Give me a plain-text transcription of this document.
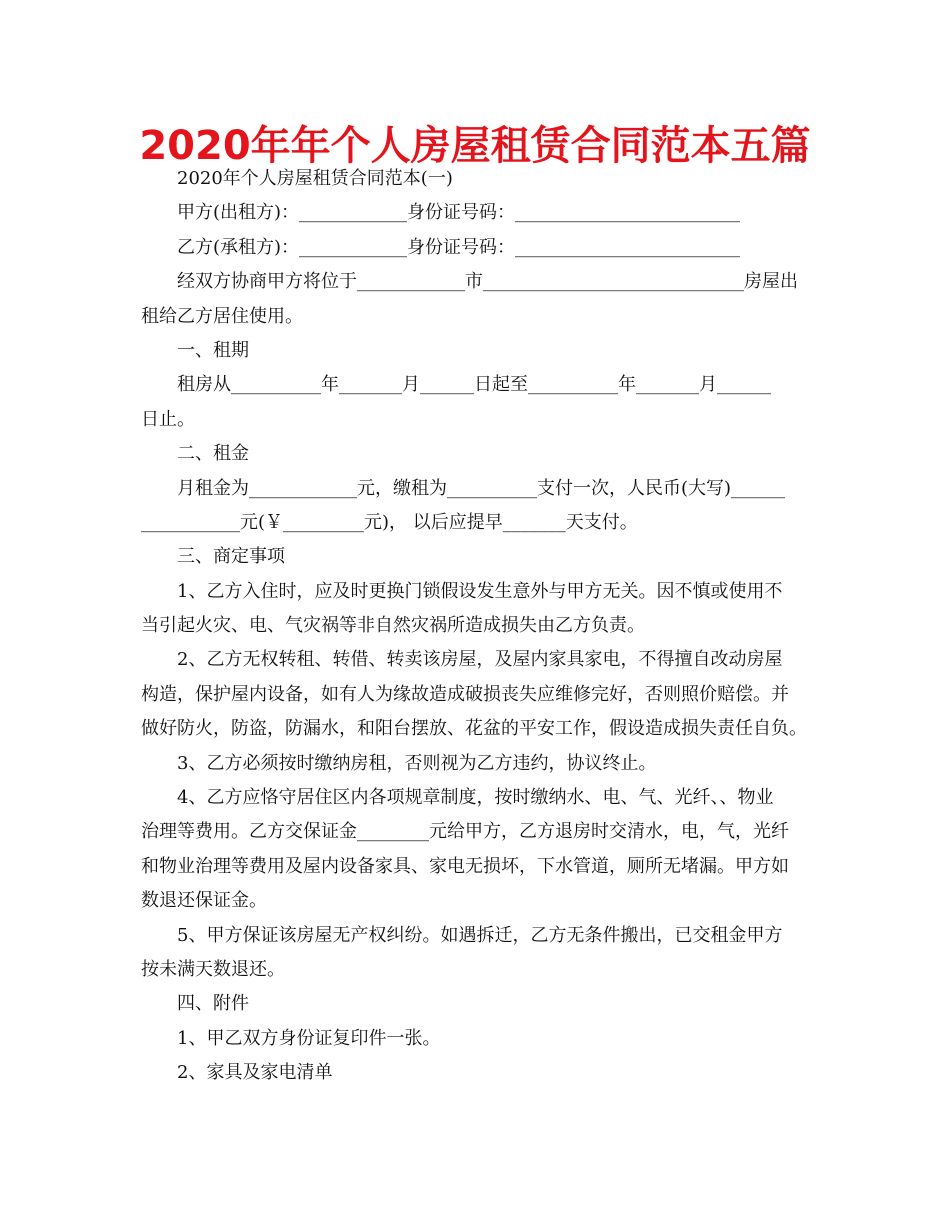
2020年年个人房屋租赁合同范本五篇
2020年个人房屋租赁合同范本(一)
甲方(出租方)：____________身份证号码：_________________________
乙方(承租方)：____________身份证号码：_________________________
经双方协商甲方将位于____________市_____________________________房屋出
租给乙方居住使用。
一、租期
租房从__________年_______月______日起至__________年_______月______
日止。
二、租金
月租金为____________元，缴租为__________支付一次，人民币(大写)______
___________元(￥_________元)， 以后应提早_______天支付。
三、商定事项
1、乙方入住时，应及时更换门锁假设发生意外与甲方无关。因不慎或使用不
当引起火灾、电、气灾祸等非自然灾祸所造成损失由乙方负责。
2、乙方无权转租、转借、转卖该房屋，及屋内家具家电，不得擅自改动房屋
构造，保护屋内设备，如有人为缘故造成破损丧失应维修完好，否则照价赔偿。并
做好防火，防盗，防漏水，和阳台摆放、花盆的平安工作，假设造成损失责任自负。
3、乙方必须按时缴纳房租，否则视为乙方违约，协议终止。
4、乙方应恪守居住区内各项规章制度，按时缴纳水、电、气、光纤、、物业
治理等费用。乙方交保证金________元给甲方，乙方退房时交清水，电，气，光纤
和物业治理等费用及屋内设备家具、家电无损坏，下水管道，厕所无堵漏。甲方如
数退还保证金。
5、甲方保证该房屋无产权纠纷。如遇拆迁，乙方无条件搬出，已交租金甲方
按未满天数退还。
四、附件
1、甲乙双方身份证复印件一张。
2、家具及家电清单
